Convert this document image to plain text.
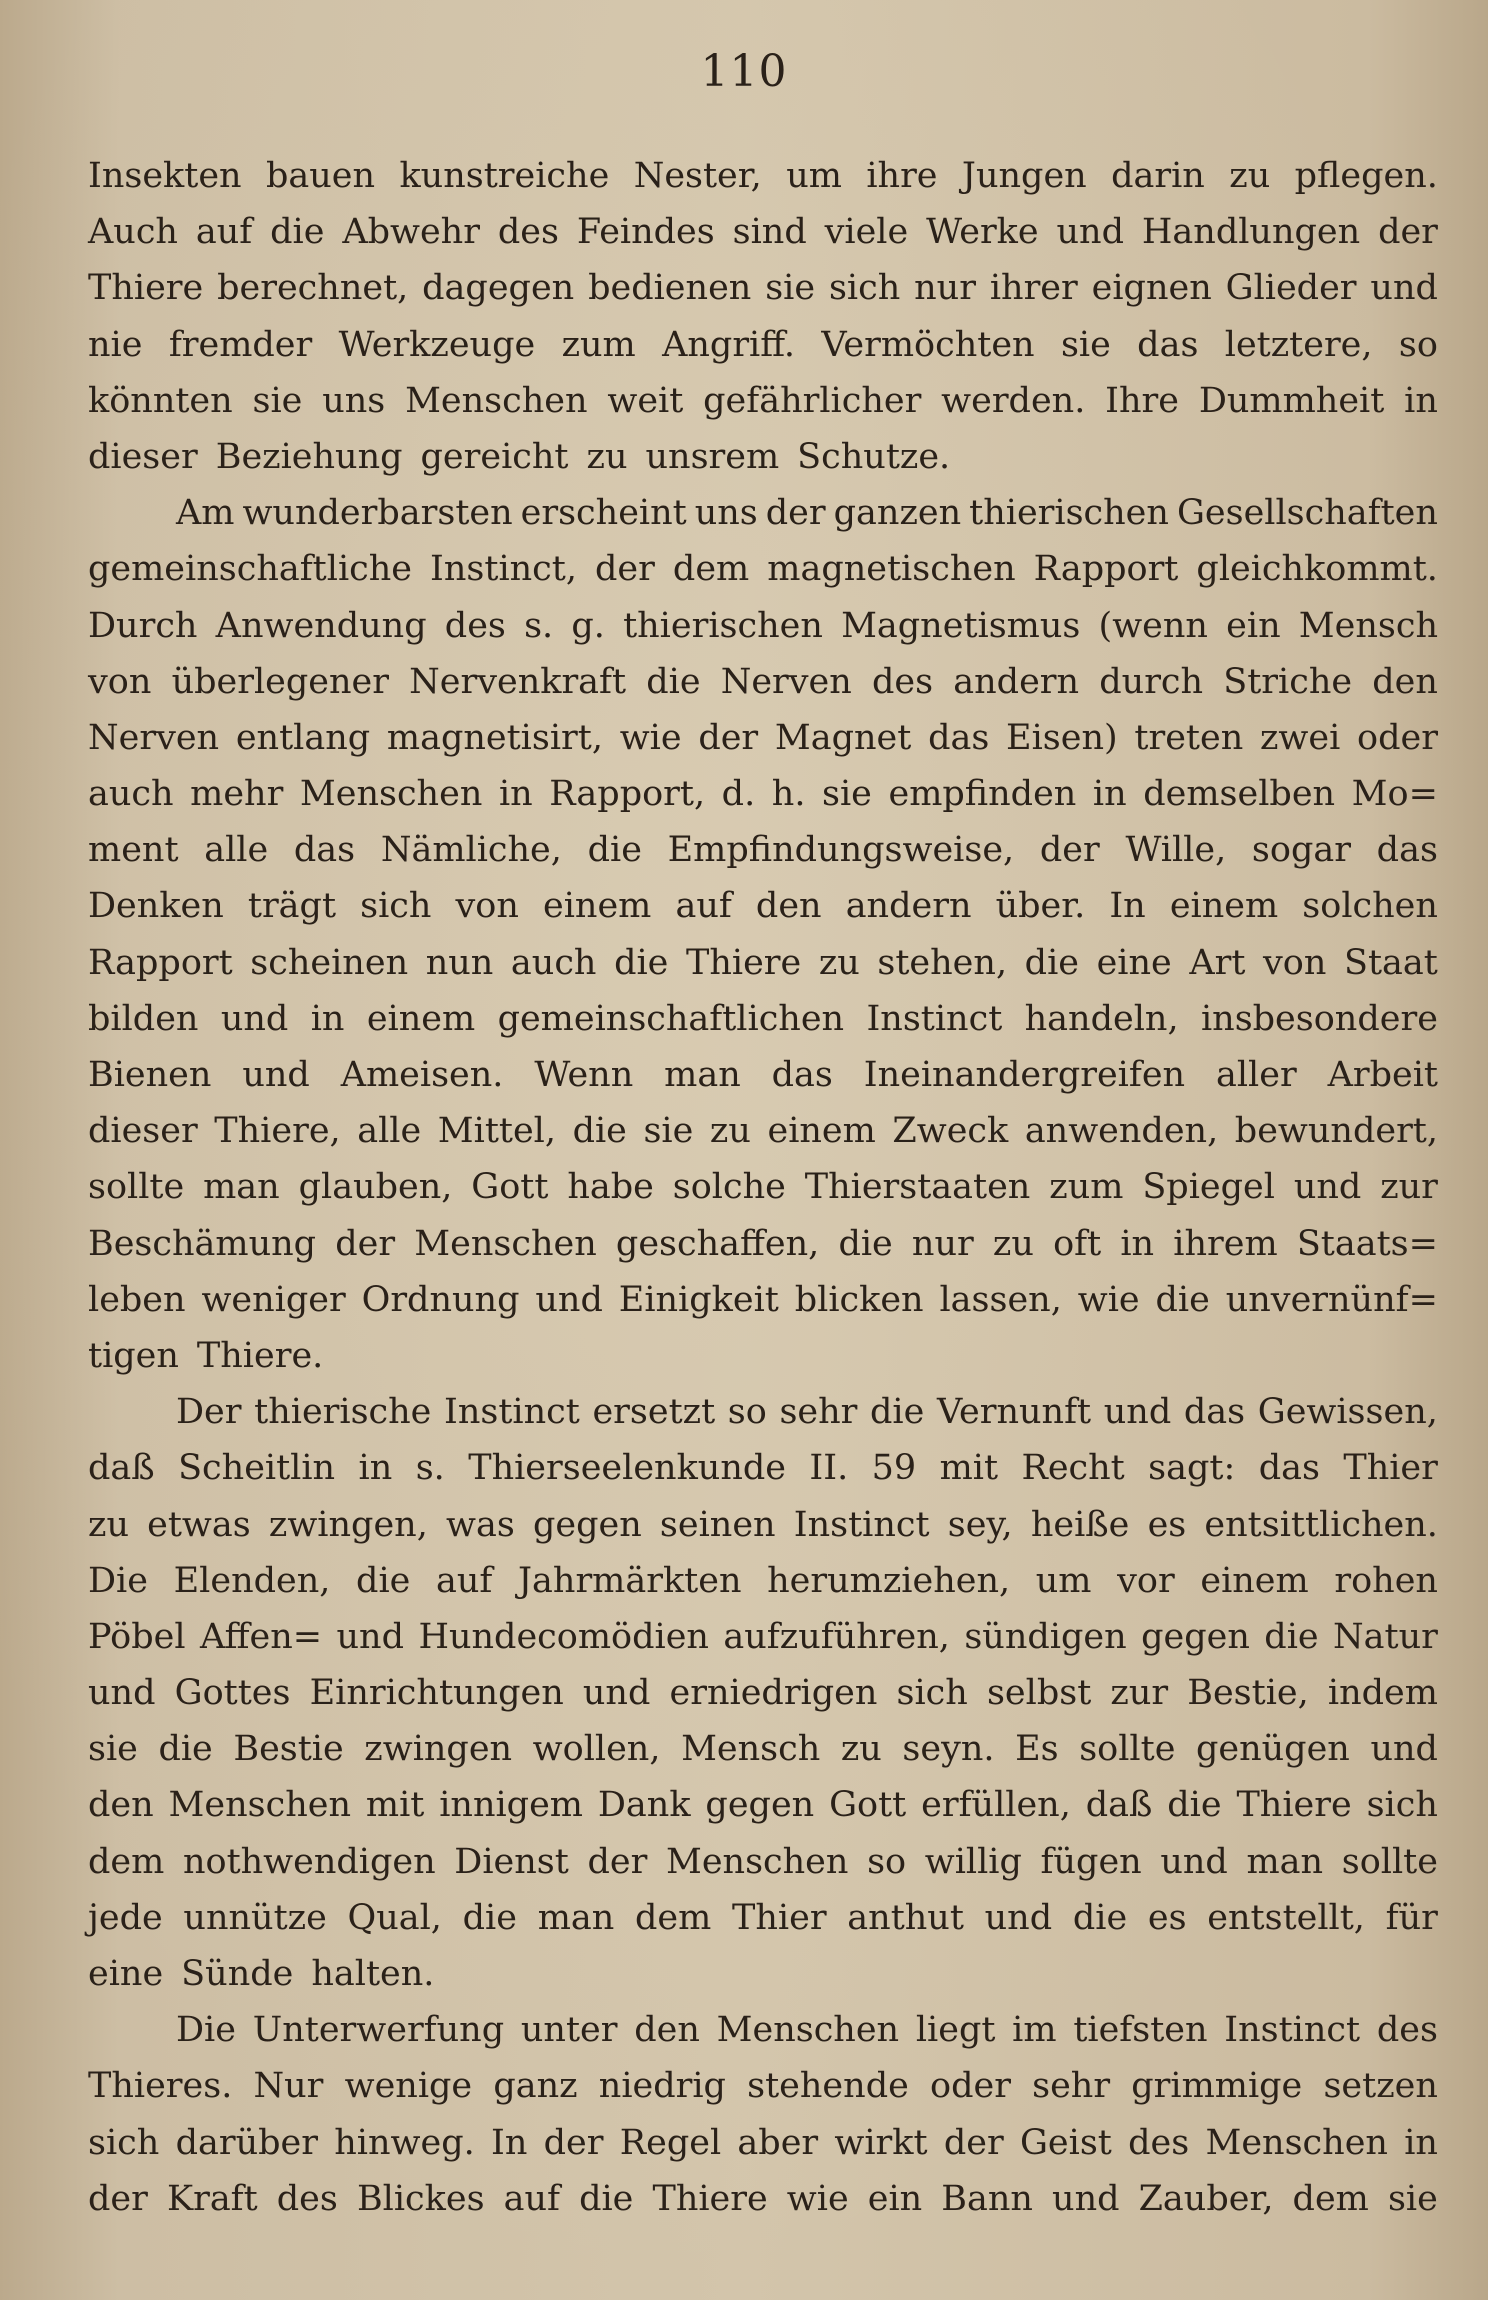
110
Insekten bauen kunstreiche Nester, um ihre Jungen darin zu pflegen.
Auch auf die Abwehr des Feindes sind viele Werke und Handlungen der
Thiere berechnet, dagegen bedienen sie sich nur ihrer eignen Glieder und
nie fremder Werkzeuge zum Angriff. Vermöchten sie das letztere, so
könnten sie uns Menschen weit gefährlicher werden. Ihre Dummheit in
dieser Beziehung gereicht zu unsrem Schutze.
Am wunderbarsten erscheint uns der ganzen thierischen Gesellschaften
gemeinschaftliche Instinct, der dem magnetischen Rapport gleichkommt.
Durch Anwendung des s. g. thierischen Magnetismus (wenn ein Mensch
von überlegener Nervenkraft die Nerven des andern durch Striche den
Nerven entlang magnetisirt, wie der Magnet das Eisen) treten zwei oder
auch mehr Menschen in Rapport, d. h. sie empfinden in demselben Mo=
ment alle das Nämliche, die Empfindungsweise, der Wille, sogar das
Denken trägt sich von einem auf den andern über. In einem solchen
Rapport scheinen nun auch die Thiere zu stehen, die eine Art von Staat
bilden und in einem gemeinschaftlichen Instinct handeln, insbesondere
Bienen und Ameisen. Wenn man das Ineinandergreifen aller Arbeit
dieser Thiere, alle Mittel, die sie zu einem Zweck anwenden, bewundert,
sollte man glauben, Gott habe solche Thierstaaten zum Spiegel und zur
Beschämung der Menschen geschaffen, die nur zu oft in ihrem Staats=
leben weniger Ordnung und Einigkeit blicken lassen, wie die unvernünf=
tigen Thiere.
Der thierische Instinct ersetzt so sehr die Vernunft und das Gewissen,
daß Scheitlin in s. Thierseelenkunde II. 59 mit Recht sagt: das Thier
zu etwas zwingen, was gegen seinen Instinct sey, heiße es entsittlichen.
Die Elenden, die auf Jahrmärkten herumziehen, um vor einem rohen
Pöbel Affen= und Hundecomödien aufzuführen, sündigen gegen die Natur
und Gottes Einrichtungen und erniedrigen sich selbst zur Bestie, indem
sie die Bestie zwingen wollen, Mensch zu seyn. Es sollte genügen und
den Menschen mit innigem Dank gegen Gott erfüllen, daß die Thiere sich
dem nothwendigen Dienst der Menschen so willig fügen und man sollte
jede unnütze Qual, die man dem Thier anthut und die es entstellt, für
eine Sünde halten.
Die Unterwerfung unter den Menschen liegt im tiefsten Instinct des
Thieres. Nur wenige ganz niedrig stehende oder sehr grimmige setzen
sich darüber hinweg. In der Regel aber wirkt der Geist des Menschen in
der Kraft des Blickes auf die Thiere wie ein Bann und Zauber, dem sie
